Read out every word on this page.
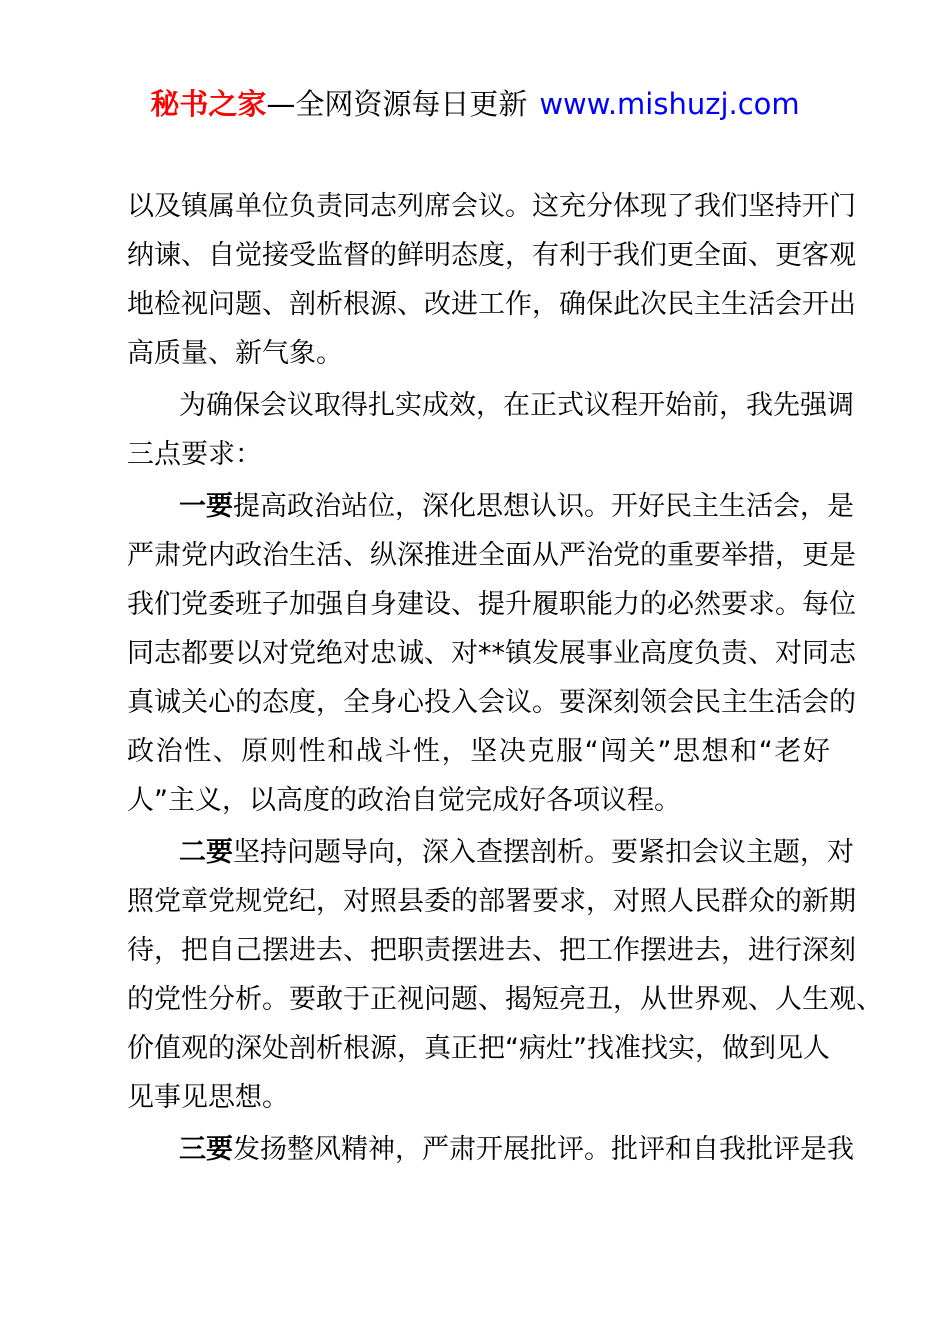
秘书之家—全网资源每日更新 www.mishuzj.com
以及镇属单位负责同志列席会议。这充分体现了我们坚持开门
纳谏、自觉接受监督的鲜明态度，有利于我们更全面、更客观
地检视问题、剖析根源、改进工作，确保此次民主生活会开出
高质量、新气象。
为确保会议取得扎实成效，在正式议程开始前，我先强调
三点要求：
一要提高政治站位，深化思想认识。开好民主生活会，是
严肃党内政治生活、纵深推进全面从严治党的重要举措，更是
我们党委班子加强自身建设、提升履职能力的必然要求。每位
同志都要以对党绝对忠诚、对**镇发展事业高度负责、对同志
真诚关心的态度，全身心投入会议。要深刻领会民主生活会的
政治性、原则性和战斗性，坚决克服“闯关”思想和“老好
人”主义，以高度的政治自觉完成好各项议程。
二要坚持问题导向，深入查摆剖析。要紧扣会议主题，对
照党章党规党纪，对照县委的部署要求，对照人民群众的新期
待，把自己摆进去、把职责摆进去、把工作摆进去，进行深刻
的党性分析。要敢于正视问题、揭短亮丑，从世界观、人生观、
价值观的深处剖析根源，真正把“病灶”找准找实，做到见人
见事见思想。
三要发扬整风精神，严肃开展批评。批评和自我批评是我
